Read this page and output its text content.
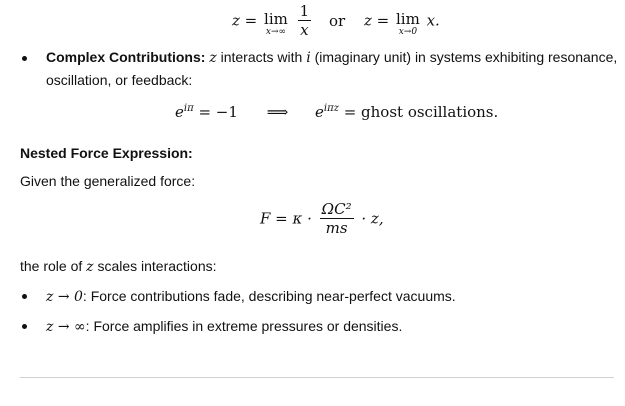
z = lim
x→∞
$\frac{1}{x}$ or z = lim
x→0
x.
Complex Contributions: z interacts with i (imaginary unit) in systems exhibiting resonance,
oscillation, or feedback:
$e^{i\pi} = -1$ ⟹ $e^{i\pi z}$ = ghost oscillations.
Nested Force Expression:
Given the generalized force:
$F = \kappa \cdot \frac{\text{ΩC²}}{ms} \cdot z$,
the role of z scales interactions:
z → 0: Force contributions fade, describing near-perfect vacuums.
z → ∞: Force amplifies in extreme pressures or densities.
